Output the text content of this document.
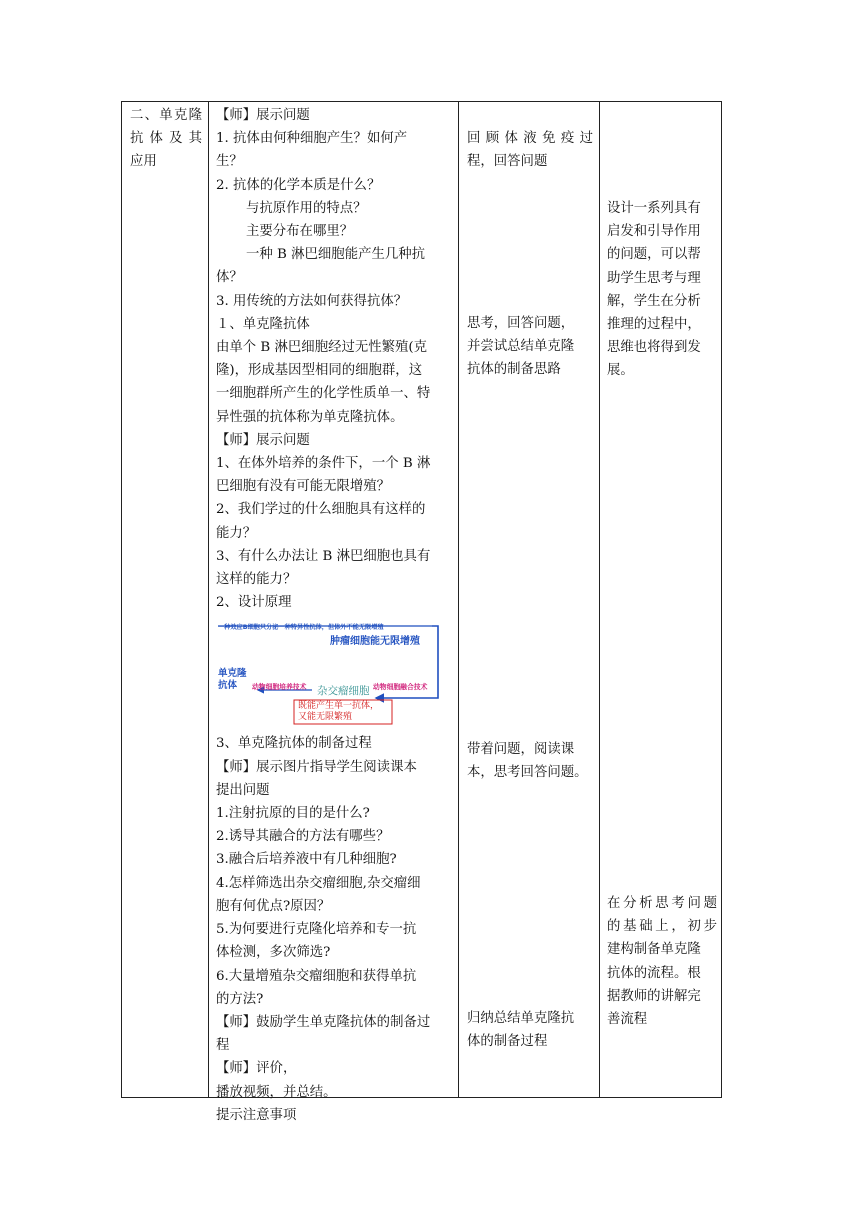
二、单克隆
抗体及其
应用
【师】展示问题
1. 抗体由何种细胞产生？如何产
生？
2. 抗体的化学本质是什么？
与抗原作用的特点？
主要分布在哪里？
一种 B 淋巴细胞能产生几种抗
体？
3. 用传统的方法如何获得抗体？
１、单克隆抗体
由单个 B 淋巴细胞经过无性繁殖(克
隆)，形成基因型相同的细胞群，这
一细胞群所产生的化学性质单一、特
异性强的抗体称为单克隆抗体。
【师】展示问题
1、在体外培养的条件下，一个 B 淋
巴细胞有没有可能无限增殖？
2、我们学过的什么细胞具有这样的
能力？
3、有什么办法让 B 淋巴细胞也具有
这样的能力？
2、设计原理
一种效应B细胞只分泌一种特异性抗体，但体外不能无限增殖
肿瘤细胞能无限增殖
单克隆
抗体	动物细胞培养技术 杂交瘤细胞 动物细胞融合技术
既能产生单一抗体，
又能无限繁殖
3、单克隆抗体的制备过程
【师】展示图片指导学生阅读课本
提出问题
1.注射抗原的目的是什么?
2.诱导其融合的方法有哪些？
3.融合后培养液中有几种细胞?
4.怎样筛选出杂交瘤细胞,杂交瘤细
胞有何优点?原因？
5.为何要进行克隆化培养和专一抗
体检测，多次筛选?
6.大量增殖杂交瘤细胞和获得单抗
的方法?
【师】鼓励学生单克隆抗体的制备过
程
【师】评价，
播放视频，并总结。
提示注意事项
回顾体液免疫过
程，回答问题
思考，回答问题，
并尝试总结单克隆
抗体的制备思路
带着问题，阅读课
本，思考回答问题。
归纳总结单克隆抗
体的制备过程
设计一系列具有
启发和引导作用
的问题，可以帮
助学生思考与理
解，学生在分析
推理的过程中，
思维也将得到发
展。
在分析思考问题
的基础上，初步
建构制备单克隆
抗体的流程。根
据教师的讲解完
善流程
